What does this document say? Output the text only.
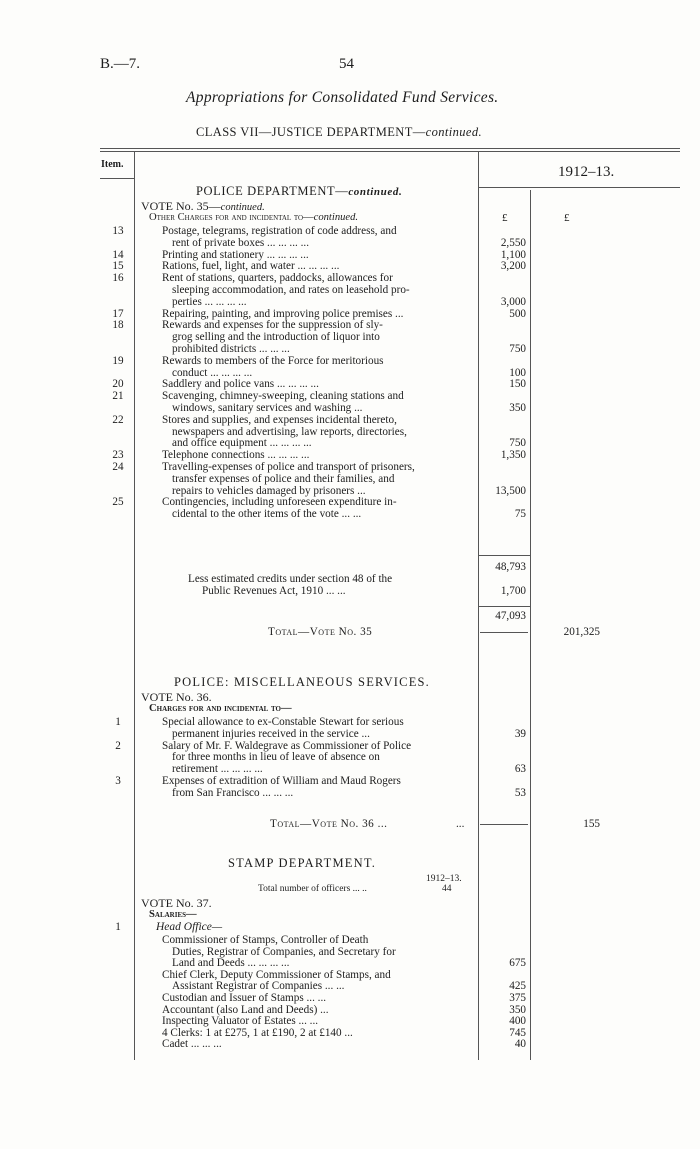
B.—7.	54
Appropriations for Consolidated Fund Services.
CLASS VII—JUSTICE DEPARTMENT—continued.
Item.	1912–13.
POLICE DEPARTMENT—continued.
VOTE No. 35—continued.
Other Charges for and incidental to—continued.	£	£
13	Postage, telegrams, registration of code address, and
rent of private boxes ... ... ... ...	2,550
14	Printing and stationery ... ... ... ...	1,100
15	Rations, fuel, light, and water ... ... ... ...	3,200
16	Rent of stations, quarters, paddocks, allowances for
sleeping accommodation, and rates on leasehold pro-
perties ... ... ... ...	3,000
17	Repairing, painting, and improving police premises ...	500
18	Rewards and expenses for the suppression of sly-
grog selling and the introduction of liquor into
prohibited districts ... ... ...	750
19	Rewards to members of the Force for meritorious
conduct ... ... ... ...	100
20	Saddlery and police vans ... ... ... ...	150
21	Scavenging, chimney-sweeping, cleaning stations and
windows, sanitary services and washing ...	350
22	Stores and supplies, and expenses incidental thereto,
newspapers and advertising, law reports, directories,
and office equipment ... ... ... ...	750
23	Telephone connections ... ... ... ...	1,350
24	Travelling-expenses of police and transport of prisoners,
transfer expenses of police and their families, and
repairs to vehicles damaged by prisoners ...	13,500
25	Contingencies, including unforeseen expenditure in-
cidental to the other items of the vote ... ...	75
48,793
Less estimated credits under section 48 of the
Public Revenues Act, 1910 ... ...	1,700
47,093
Total—Vote No. 35	201,325
POLICE: MISCELLANEOUS SERVICES.
VOTE No. 36.
Charges for and incidental to—
1	Special allowance to ex-Constable Stewart for serious
permanent injuries received in the service ...	39
2	Salary of Mr. F. Waldegrave as Commissioner of Police
for three months in lieu of leave of absence on
retirement ... ... ... ...	63
3	Expenses of extradition of William and Maud Rogers
from San Francisco ... ... ...	53
Total—Vote No. 36 ...	...	155
STAMP DEPARTMENT.
1912–13.
Total number of officers ... ..	44
VOTE No. 37.
Salaries—
Head Office—
1
Commissioner of Stamps, Controller of Death
Duties, Registrar of Companies, and Secretary for
Land and Deeds ... ... ... ...	675
Chief Clerk, Deputy Commissioner of Stamps, and
Assistant Registrar of Companies ... ...	425
Custodian and Issuer of Stamps ... ...	375
Accountant (also Land and Deeds) ...	350
Inspecting Valuator of Estates ... ...	400
4 Clerks: 1 at £275, 1 at £190, 2 at £140 ...	745
Cadet ... ... ...	40
